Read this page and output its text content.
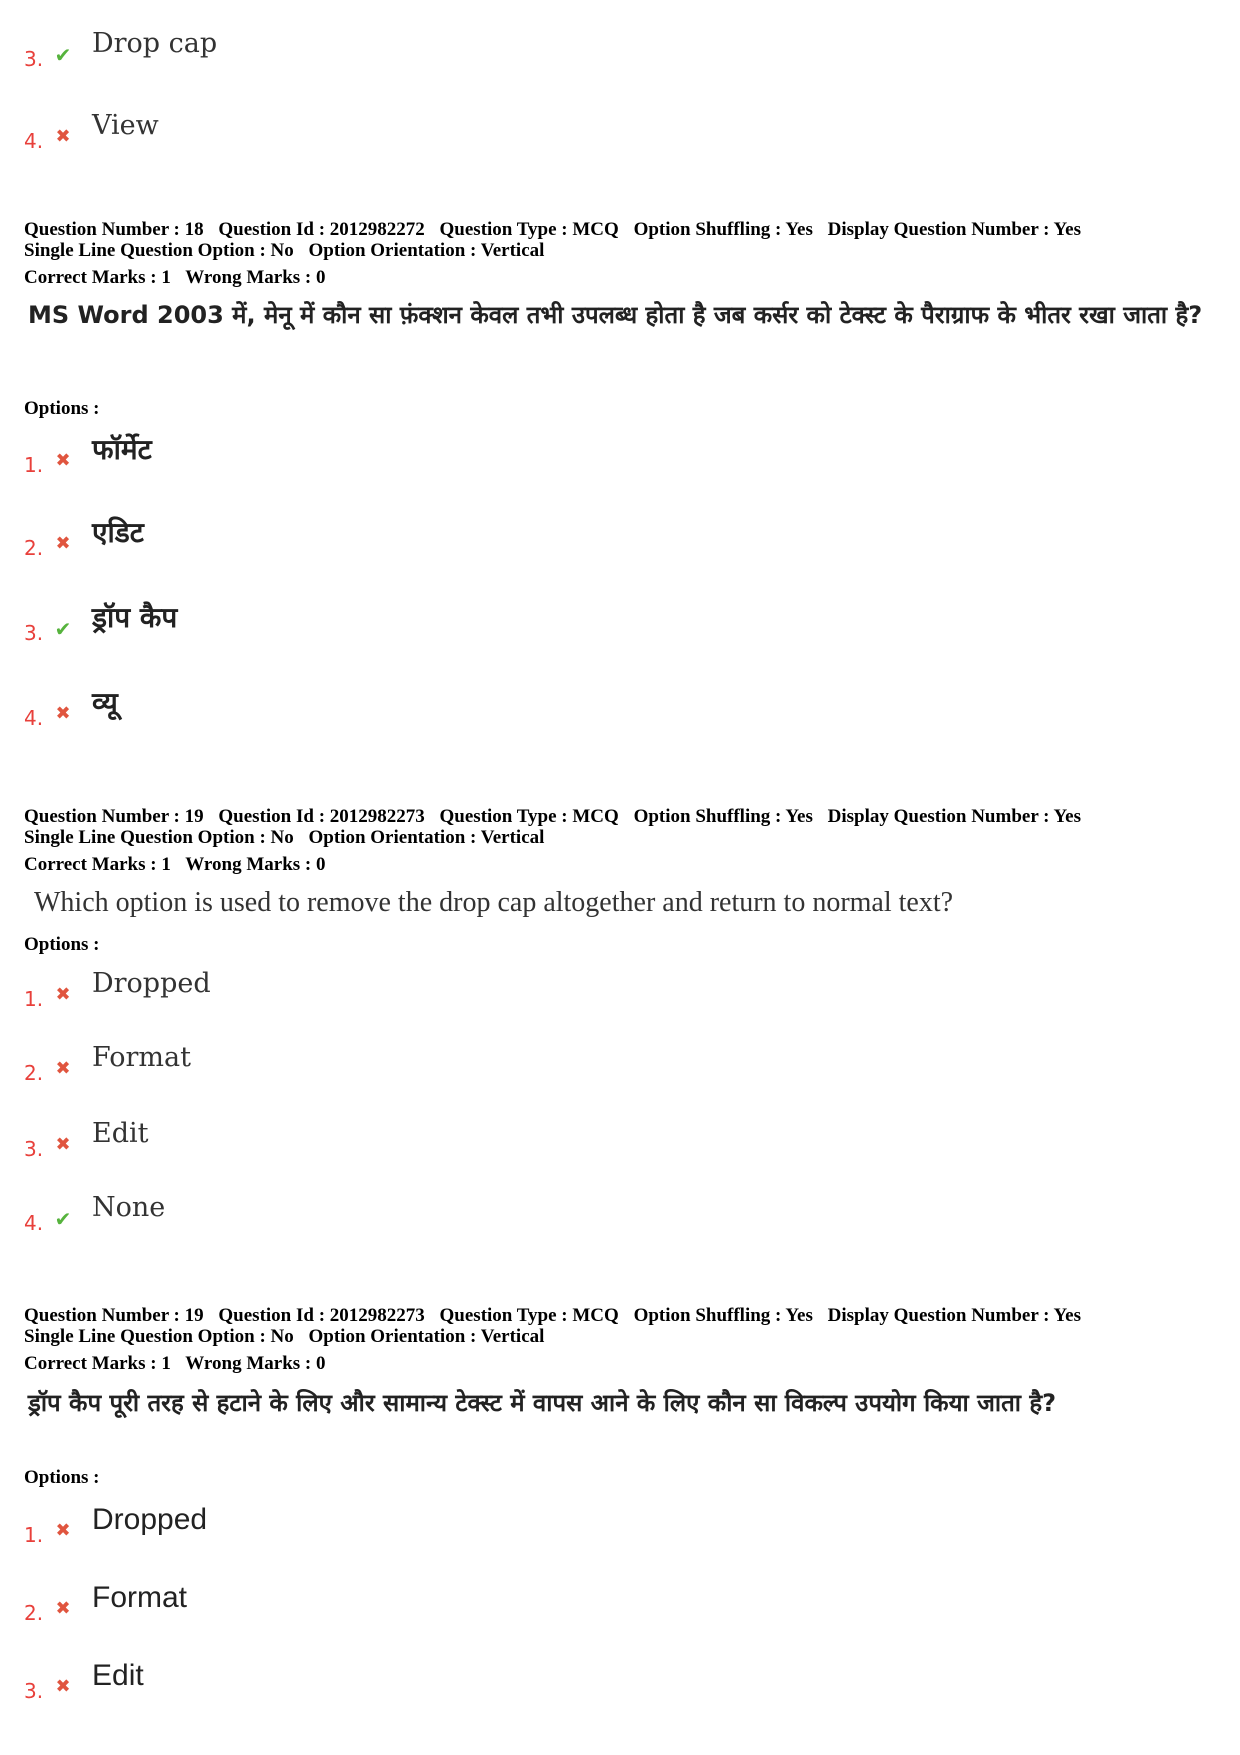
3. ✔ Drop cap
4. ✖ View
Question Number : 18 Question Id : 2012982272 Question Type : MCQ Option Shuffling : Yes Display Question Number : Yes
Single Line Question Option : No Option Orientation : Vertical
Correct Marks : 1 Wrong Marks : 0
MS Word 2003 में, मेनू में कौन सा फ़ंक्शन केवल तभी उपलब्ध होता है जब कर्सर को टेक्स्ट के पैराग्राफ के भीतर रखा जाता है?
Options :
1. ✖ फॉर्मेट
2. ✖ एडिट
3. ✔ ड्रॉप कैप
4. ✖ व्यू
Question Number : 19 Question Id : 2012982273 Question Type : MCQ Option Shuffling : Yes Display Question Number : Yes
Single Line Question Option : No Option Orientation : Vertical
Correct Marks : 1 Wrong Marks : 0
Which option is used to remove the drop cap altogether and return to normal text?
Options :
1. ✖ Dropped
2. ✖ Format
3. ✖ Edit
4. ✔ None
Question Number : 19 Question Id : 2012982273 Question Type : MCQ Option Shuffling : Yes Display Question Number : Yes
Single Line Question Option : No Option Orientation : Vertical
Correct Marks : 1 Wrong Marks : 0
ड्रॉप कैप पूरी तरह से हटाने के लिए और सामान्य टेक्स्ट में वापस आने के लिए कौन सा विकल्प उपयोग किया जाता है?
Options :
1. ✖ Dropped
2. ✖ Format
3. ✖ Edit
